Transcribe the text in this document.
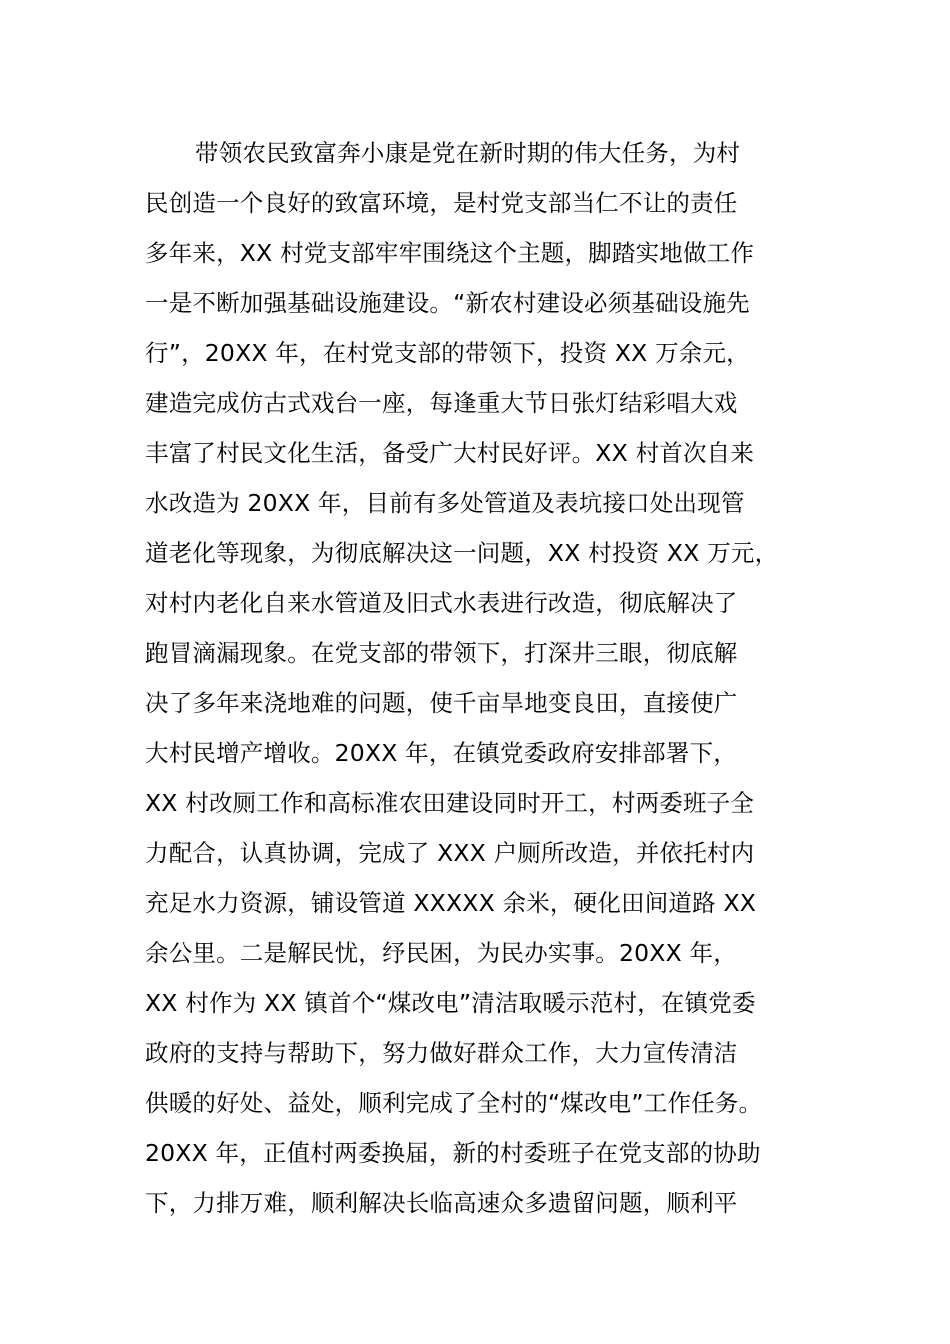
带领农民致富奔小康是党在新时期的伟大任务，为村
民创造一个良好的致富环境，是村党支部当仁不让的责任
多年来，XX 村党支部牢牢围绕这个主题，脚踏实地做工作
一是不断加强基础设施建设。“新农村建设必须基础设施先
行”，20XX 年，在村党支部的带领下，投资 XX 万余元，
建造完成仿古式戏台一座，每逢重大节日张灯结彩唱大戏
丰富了村民文化生活，备受广大村民好评。XX 村首次自来
水改造为 20XX 年，目前有多处管道及表坑接口处出现管
道老化等现象，为彻底解决这一问题，XX 村投资 XX 万元，
对村内老化自来水管道及旧式水表进行改造，彻底解决了
跑冒滴漏现象。在党支部的带领下，打深井三眼，彻底解
决了多年来浇地难的问题，使千亩旱地变良田，直接使广
大村民增产增收。20XX 年，在镇党委政府安排部署下，
XX 村改厕工作和高标准农田建设同时开工，村两委班子全
力配合，认真协调，完成了 XXX 户厕所改造，并依托村内
充足水力资源，铺设管道 XXXXX 余米，硬化田间道路 XX
余公里。二是解民忧，纾民困，为民办实事。20XX 年，
XX 村作为 XX 镇首个“煤改电”清洁取暖示范村，在镇党委
政府的支持与帮助下，努力做好群众工作，大力宣传清洁
供暖的好处、益处，顺利完成了全村的“煤改电”工作任务。
20XX 年，正值村两委换届，新的村委班子在党支部的协助
下，力排万难，顺利解决长临高速众多遗留问题，顺利平
